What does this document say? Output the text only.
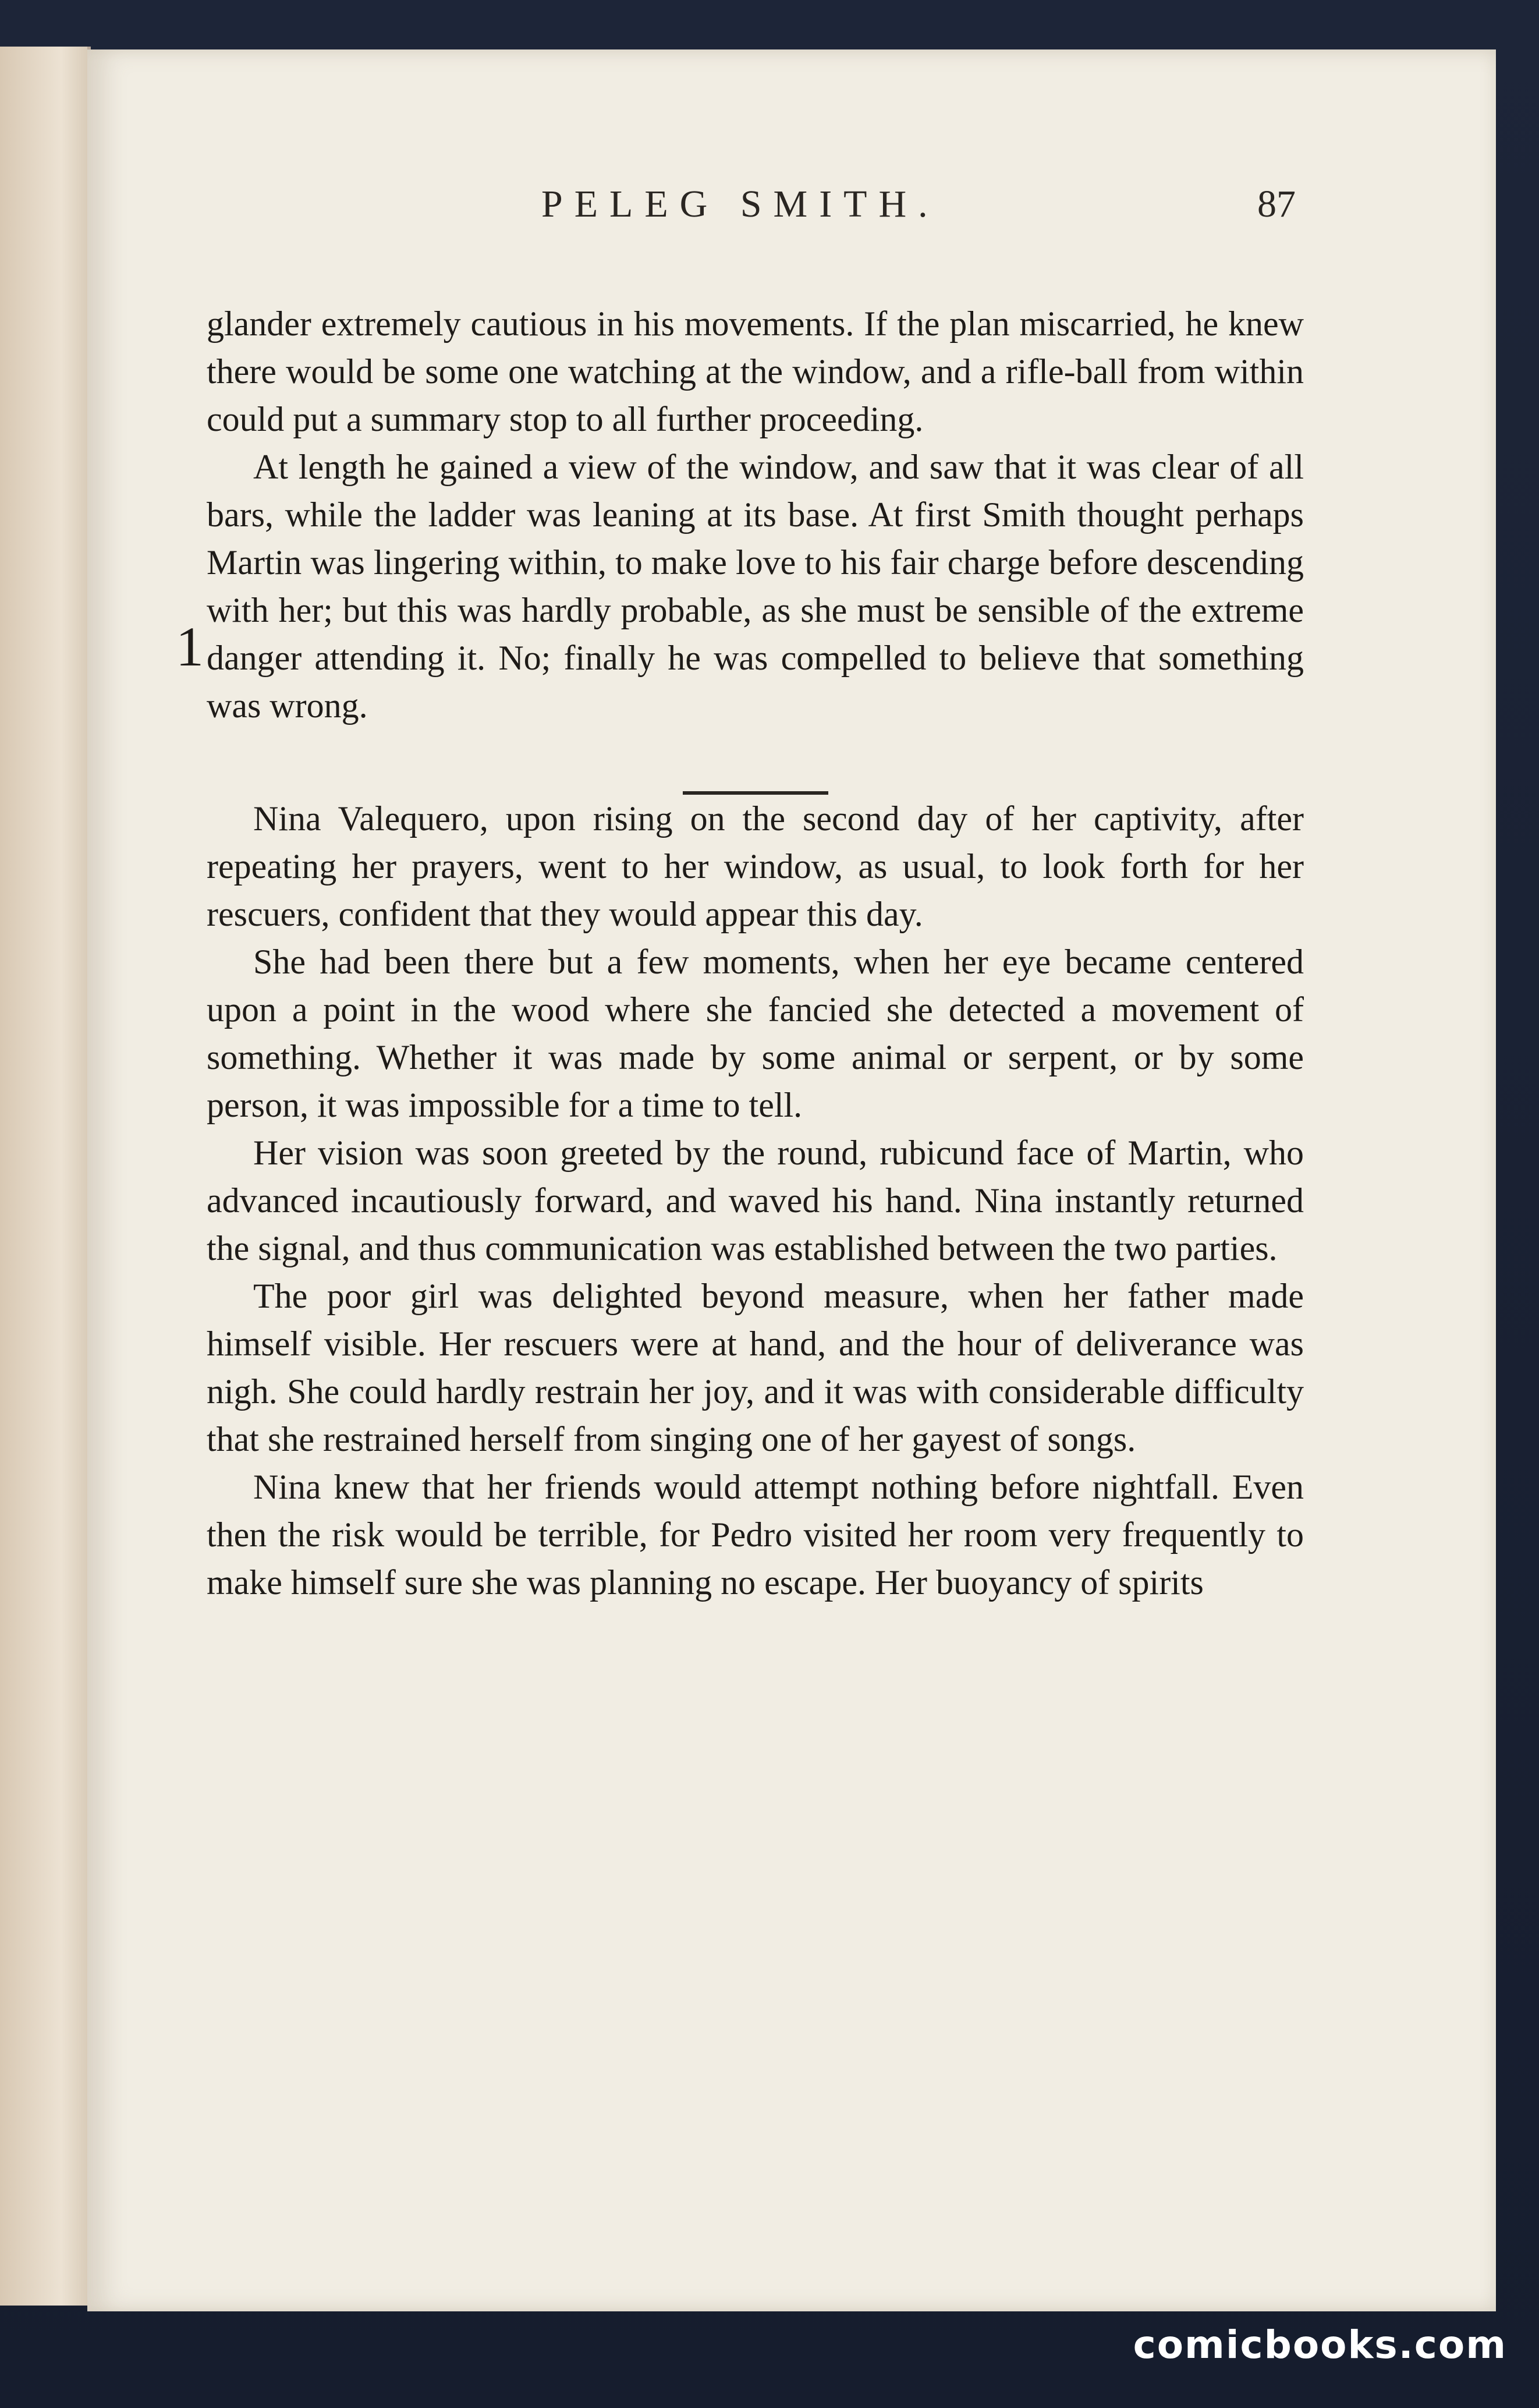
PELEG SMITH.	87
1

glander extremely cautious in his movements. If the plan miscarried, he knew there would be some one watching at the window, and a rifle-ball from within could put a summary stop to all further proceeding.

At length he gained a view of the window, and saw that it was clear of all bars, while the ladder was leaning at its base. At first Smith thought perhaps Martin was lingering within, to make love to his fair charge before descending with her; but this was hardly probable, as she must be sensible of the extreme danger attending it. No; finally he was compelled to believe that something was wrong.

Nina Valequero, upon rising on the second day of her captivity, after repeating her prayers, went to her window, as usual, to look forth for her rescuers, confident that they would appear this day.

She had been there but a few moments, when her eye became centered upon a point in the wood where she fancied she detected a movement of something. Whether it was made by some animal or serpent, or by some person, it was impossible for a time to tell.

Her vision was soon greeted by the round, rubicund face of Martin, who advanced incautiously forward, and waved his hand. Nina instantly returned the signal, and thus communication was established between the two parties.

The poor girl was delighted beyond measure, when her father made himself visible. Her rescuers were at hand, and the hour of deliverance was nigh. She could hardly restrain her joy, and it was with considerable difficulty that she restrained herself from singing one of her gayest of songs.

Nina knew that her friends would attempt nothing before nightfall. Even then the risk would be terrible, for Pedro visited her room very frequently to make himself sure she was planning no escape. Her buoyancy of spirits

comicbooks.com
